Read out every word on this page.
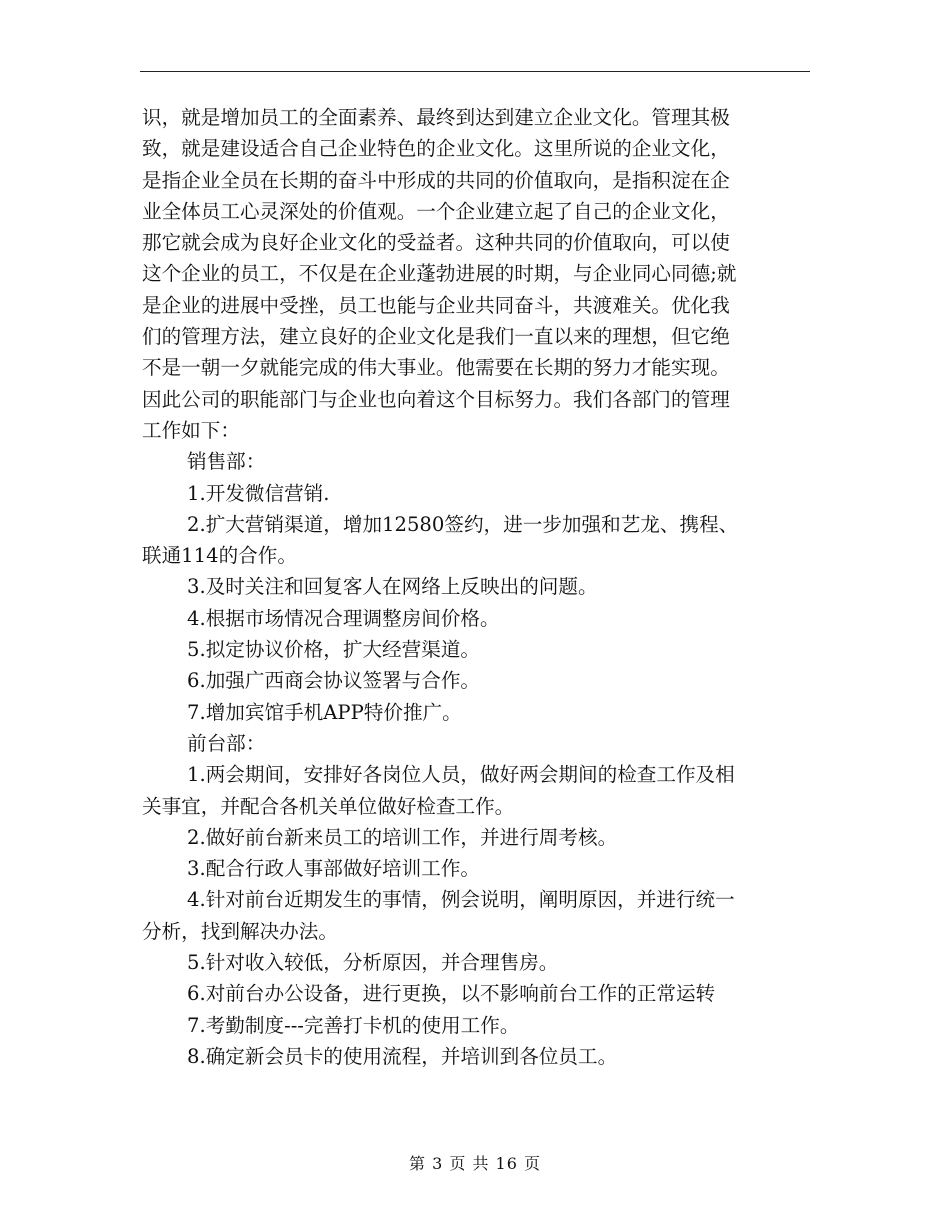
识，就是增加员工的全面素养、最终到达到建立企业文化。管理其极

致，就是建设适合自己企业特色的企业文化。这里所说的企业文化，

是指企业全员在长期的奋斗中形成的共同的价值取向，是指积淀在企

业全体员工心灵深处的价值观。一个企业建立起了自己的企业文化，

那它就会成为良好企业文化的受益者。这种共同的价值取向，可以使

这个企业的员工，不仅是在企业蓬勃进展的时期，与企业同心同德;就

是企业的进展中受挫，员工也能与企业共同奋斗，共渡难关。优化我

们的管理方法，建立良好的企业文化是我们一直以来的理想，但它绝

不是一朝一夕就能完成的伟大事业。他需要在长期的努力才能实现。

因此公司的职能部门与企业也向着这个目标努力。我们各部门的管理

工作如下：

销售部：

1.开发微信营销.

2.扩大营销渠道，增加12580签约，进一步加强和艺龙、携程、

联通114的合作。

3.及时关注和回复客人在网络上反映出的问题。

4.根据市场情况合理调整房间价格。

5.拟定协议价格，扩大经营渠道。

6.加强广西商会协议签署与合作。

7.增加宾馆手机APP特价推广。

前台部：

1.两会期间，安排好各岗位人员，做好两会期间的检查工作及相

关事宜，并配合各机关单位做好检查工作。

2.做好前台新来员工的培训工作，并进行周考核。

3.配合行政人事部做好培训工作。

4.针对前台近期发生的事情，例会说明，阐明原因，并进行统一

分析，找到解决办法。

5.针对收入较低，分析原因，并合理售房。

6.对前台办公设备，进行更换，以不影响前台工作的正常运转

7.考勤制度---完善打卡机的使用工作。

8.确定新会员卡的使用流程，并培训到各位员工。

第 3 页 共 16 页
